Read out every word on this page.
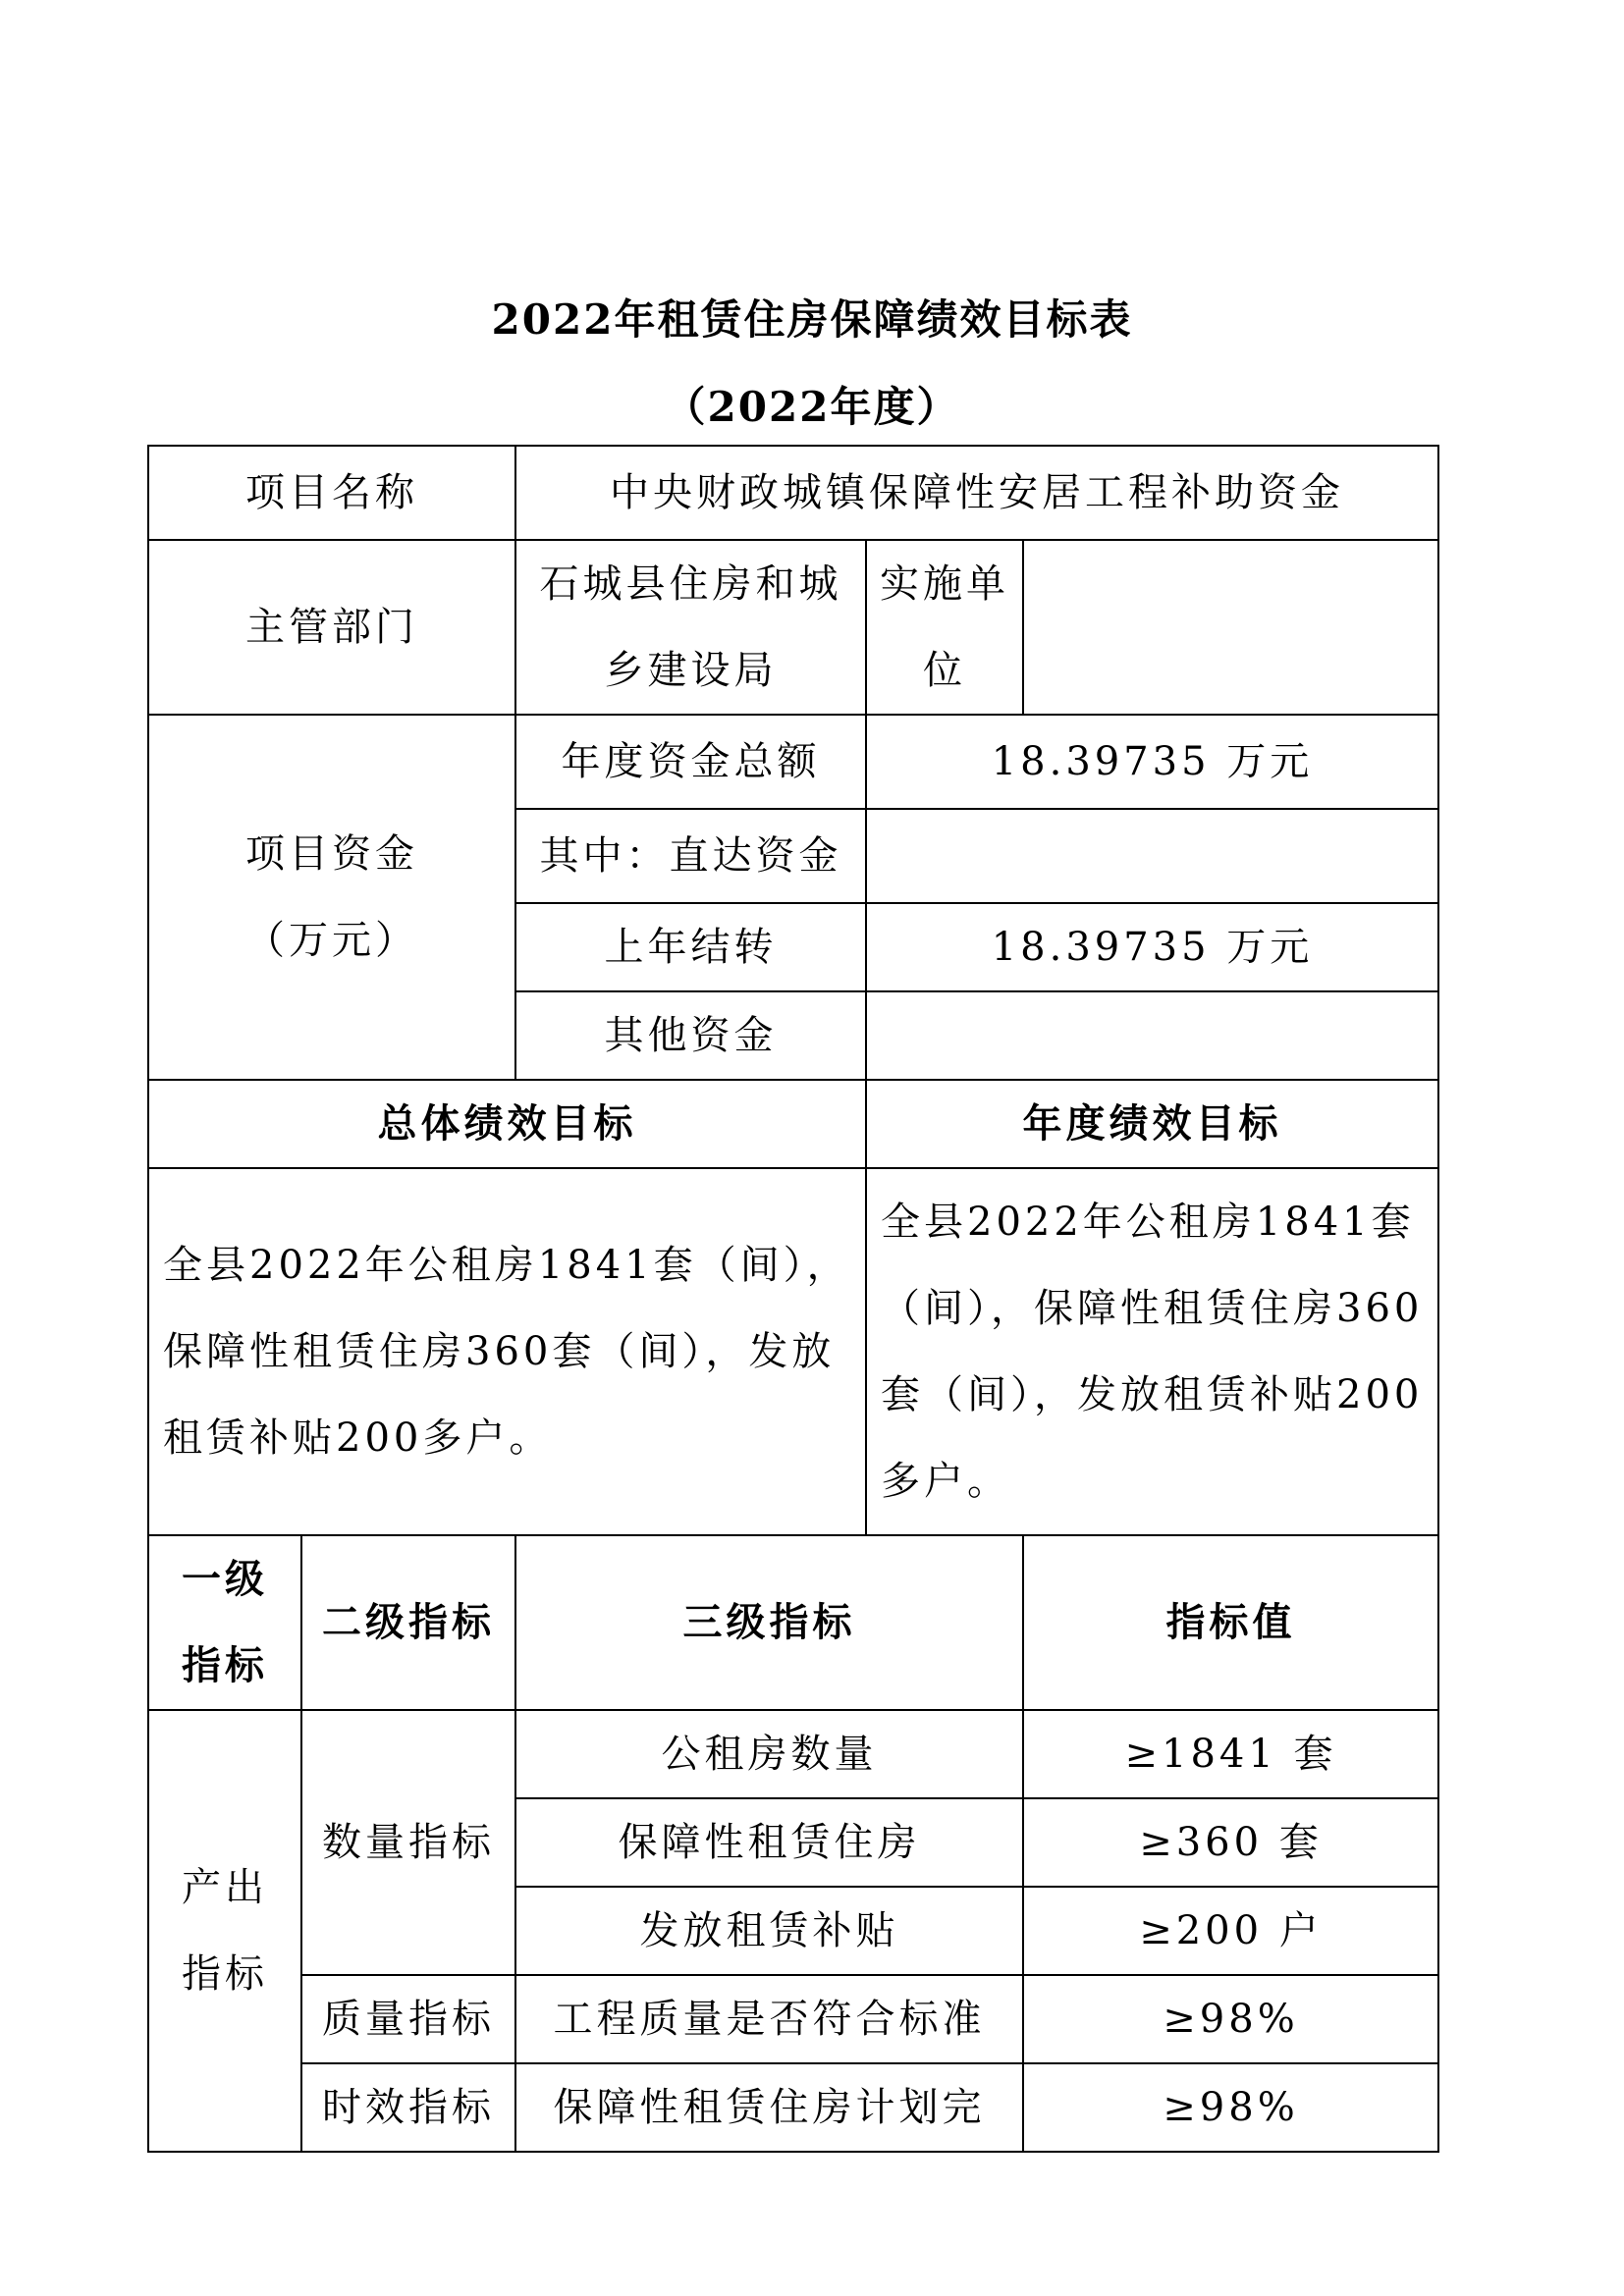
2022年租赁住房保障绩效目标表
（2022年度）
项目名称		中央财政城镇保障性安居工程补助资金		
主管部门		石城县住房和城乡建设局	实施单位	
项目资金（万元）		年度资金总额	18.39735 万元	
		其中：直达资金		
		上年结转	18.39735 万元	
		其他资金		
总体绩效目标			年度绩效目标	
全县2022年公租房1841套（间），保障性租赁住房360套（间），发放租赁补贴200多户。			全县2022年公租房1841套（间），保障性租赁住房360套（间），发放租赁补贴200多户。	
一级指标	二级指标	三级指标		指标值
产出指标	数量指标	公租房数量		≥1841 套
		保障性租赁住房		≥360 套
		发放租赁补贴		≥200 户
	质量指标	工程质量是否符合标准		≥98%
	时效指标	保障性租赁住房计划完		≥98%
